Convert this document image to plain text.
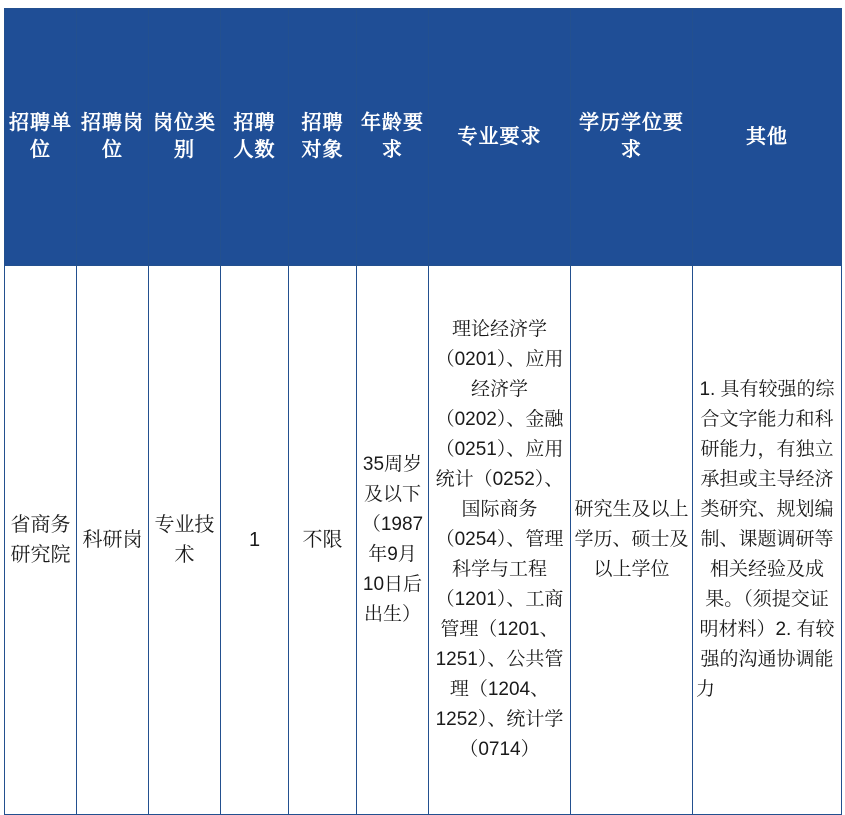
招聘单位	招聘岗位	岗位类别	招聘人数	招聘对象	年龄要求	专业要求	学历学位要求	其他
省商务研究院	科研岗	专业技术	1	不限	35周岁及以下（1987年9月10日后出生）	理论经济学（0201）、应用经济学（0202）、金融（0251）、应用统计（0252）、国际商务（0254）、管理科学与工程（1201）、工商管理（1201、1251）、公共管理（1204、1252）、统计学（0714）	研究生及以上学历、硕士及以上学位	1. 具有较强的综合文字能力和科研能力，有独立承担或主导经济类研究、规划编制、课题调研等相关经验及成果。（须提交证明材料）2. 有较强的沟通协调能力
